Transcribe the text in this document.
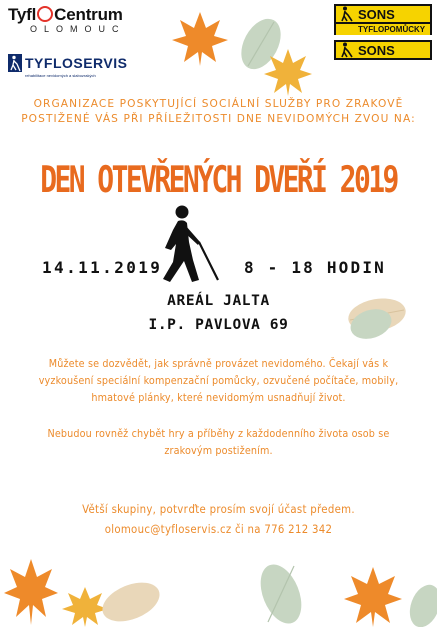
Tyfl Centrum
OLOMOUC
TYFLOSERVIS
rehabilitace nevidomých a slabozrakých
SONS
TYFLOPOMŮCKY
SONS
ORGANIZACE POSKYTUJÍCÍ SOCIÁLNÍ SLUŽBY PRO ZRAKOVĚ POSTIŽENÉ VÁS PŘI PŘÍLEŽITOSTI DNE NEVIDOMÝCH ZVOU NA:
DEN OTEVŘENÝCH DVEŘÍ 2019
14.11.2019	8 - 18 HODIN
AREÁL JALTA
I.P. PAVLOVA 69
Můžete se dozvědět, jak správně provázet nevidomého. Čekají vás k vyzkoušení speciální kompenzační pomůcky, ozvučené počítače, mobily, hmatové plánky, které nevidomým usnadňují život.
Nebudou rovněž chybět hry a příběhy z každodenního života osob se zrakovým postižením.
Větší skupiny, potvrďte prosím svojí účast předem.
olomouc@tyfloservis.cz či na 776 212 342
